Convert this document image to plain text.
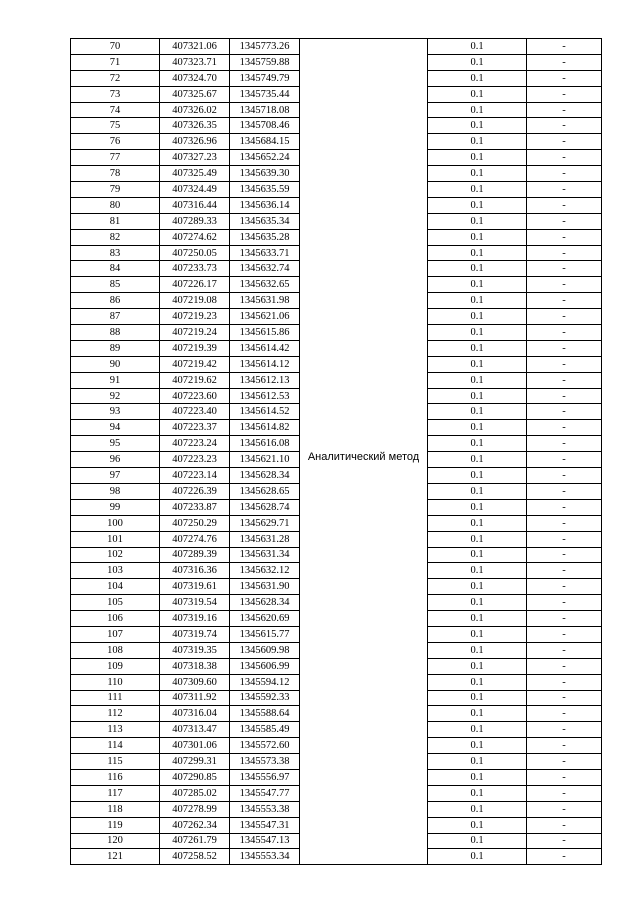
70	407321.06	1345773.26	Аналитический метод	0.1	-
71	407323.71	1345759.88		0.1	-
72	407324.70	1345749.79		0.1	-
73	407325.67	1345735.44		0.1	-
74	407326.02	1345718.08		0.1	-
75	407326.35	1345708.46		0.1	-
76	407326.96	1345684.15		0.1	-
77	407327.23	1345652.24		0.1	-
78	407325.49	1345639.30		0.1	-
79	407324.49	1345635.59		0.1	-
80	407316.44	1345636.14		0.1	-
81	407289.33	1345635.34		0.1	-
82	407274.62	1345635.28		0.1	-
83	407250.05	1345633.71		0.1	-
84	407233.73	1345632.74		0.1	-
85	407226.17	1345632.65		0.1	-
86	407219.08	1345631.98		0.1	-
87	407219.23	1345621.06		0.1	-
88	407219.24	1345615.86		0.1	-
89	407219.39	1345614.42		0.1	-
90	407219.42	1345614.12		0.1	-
91	407219.62	1345612.13		0.1	-
92	407223.60	1345612.53		0.1	-
93	407223.40	1345614.52		0.1	-
94	407223.37	1345614.82		0.1	-
95	407223.24	1345616.08		0.1	-
96	407223.23	1345621.10		0.1	-
97	407223.14	1345628.34		0.1	-
98	407226.39	1345628.65		0.1	-
99	407233.87	1345628.74		0.1	-
100	407250.29	1345629.71		0.1	-
101	407274.76	1345631.28		0.1	-
102	407289.39	1345631.34		0.1	-
103	407316.36	1345632.12		0.1	-
104	407319.61	1345631.90		0.1	-
105	407319.54	1345628.34		0.1	-
106	407319.16	1345620.69		0.1	-
107	407319.74	1345615.77		0.1	-
108	407319.35	1345609.98		0.1	-
109	407318.38	1345606.99		0.1	-
110	407309.60	1345594.12		0.1	-
111	407311.92	1345592.33		0.1	-
112	407316.04	1345588.64		0.1	-
113	407313.47	1345585.49		0.1	-
114	407301.06	1345572.60		0.1	-
115	407299.31	1345573.38		0.1	-
116	407290.85	1345556.97		0.1	-
117	407285.02	1345547.77		0.1	-
118	407278.99	1345553.38		0.1	-
119	407262.34	1345547.31		0.1	-
120	407261.79	1345547.13		0.1	-
121	407258.52	1345553.34		0.1	-
